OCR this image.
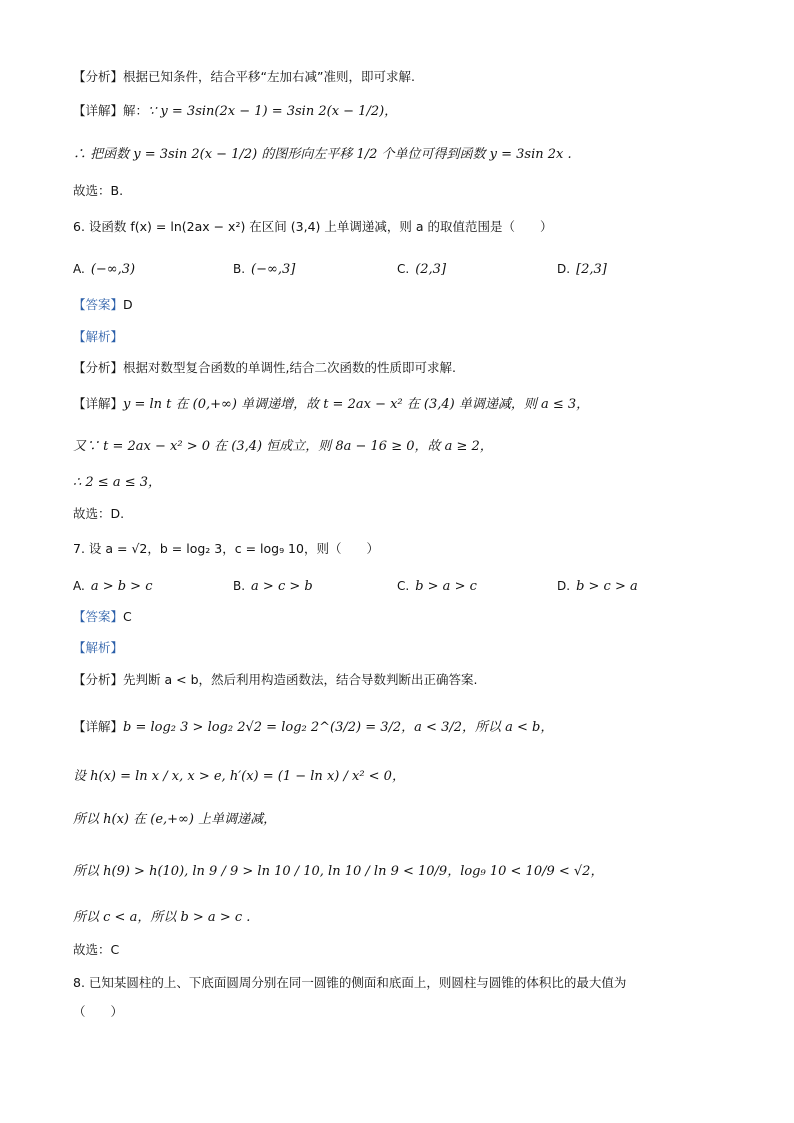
【分析】根据已知条件，结合平移“左加右减”准则，即可求解.
【详解】解：∵ y = 3sin(2x − 1) = 3sin 2(x − 1/2)，
∴ 把函数 y = 3sin 2(x − 1/2) 的图形向左平移 1/2 个单位可得到函数 y = 3sin 2x .
故选：B.
6. 设函数 f(x) = ln(2ax − x²) 在区间 (3,4) 上单调递减，则 a 的取值范围是（　　）
A. (−∞,3)	B. (−∞,3]	C. (2,3]	D. [2,3]
【答案】D
【解析】
【分析】根据对数型复合函数的单调性,结合二次函数的性质即可求解.
【详解】y = ln t 在 (0,+∞) 单调递增，故 t = 2ax − x² 在 (3,4) 单调递减，则 a ≤ 3，
又∵ t = 2ax − x² > 0 在 (3,4) 恒成立，则 8a − 16 ≥ 0，故 a ≥ 2，
∴ 2 ≤ a ≤ 3，
故选：D.
7. 设 a = √2，b = log₂ 3，c = log₉ 10，则（　　）
A. a > b > c	B. a > c > b	C. b > a > c	D. b > c > a
【答案】C
【解析】
【分析】先判断 a < b，然后利用构造函数法，结合导数判断出正确答案.
【详解】b = log₂ 3 > log₂ 2√2 = log₂ 2^(3/2) = 3/2，a < 3/2，所以 a < b，
设 h(x) = ln x / x, x > e, h′(x) = (1 − ln x) / x² < 0，
所以 h(x) 在 (e,+∞) 上单调递减，
所以 h(9) > h(10), ln 9 / 9 > ln 10 / 10, ln 10 / ln 9 < 10/9，log₉ 10 < 10/9 < √2，
所以 c < a，所以 b > a > c .
故选：C
8. 已知某圆柱的上、下底面圆周分别在同一圆锥的侧面和底面上，则圆柱与圆锥的体积比的最大值为
（　　）
